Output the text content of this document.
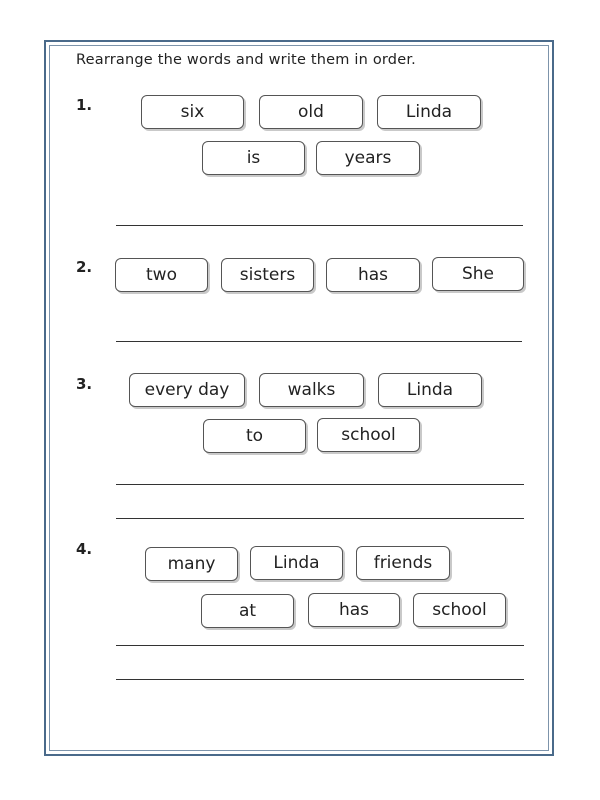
Rearrange the words and write them in order.
1.	six	old	Linda
is	years
2.	two	sisters	has	She
3.	every day	walks	Linda
to	school
4.
many	Linda	friends
at	has	school
